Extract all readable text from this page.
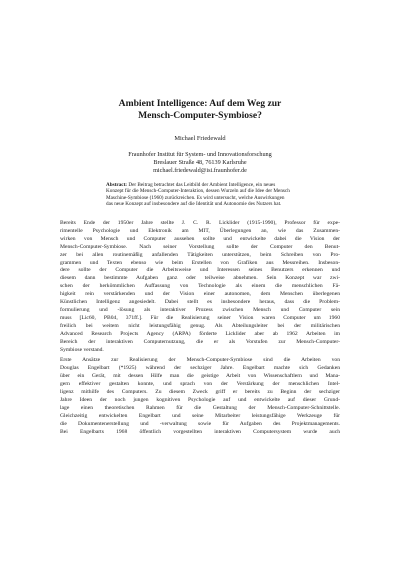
Ambient Intelligence: Auf dem Weg zur
Mensch-Computer-Symbiose?
Michael Friedewald
Fraunhofer Institut für System- und Innovationsforschung
Breslauer Straße 48, 76139 Karlsruhe
michael.friedewald@isi.fraunhofer.de
Abstract: Der Beitrag betrachtet das Leitbild der Ambient Intelligence, ein neues
Konzept für die Mensch-Computer-Interaktion, dessen Wurzeln auf die Idee der Mensch
Maschine-Symbiose (1960) zurückreichen. Es wird untersucht, welche Auswirkungen
das neue Konzept auf insbesondere auf die Identität und Autonomie des Nutzers hat.
Bereits Ende der 1950er Jahre stellte J. C. R. Licklider (1915-1990), Professor für expe-
rimentelle Psychologie und Elektronik am MIT, Überlegungen an, wie das Zusammen-
wirken von Mensch und Computer aussehen sollte und entwickelte dabei die Vision der
Mensch-Computer-Symbiose. Nach seiner Vorstellung sollte der Computer den Benut-
zer bei allen routinemäßig anfallenden Tätigkeiten unterstützen, beim Schreiben von Pro-
grammen und Texten ebenso wie beim Erstellen von Grafiken aus Messreihen. Insbeson-
dere sollte der Computer die Arbeitsweise und Interessen seines Benutzers erkennen und
diesem dann bestimmte Aufgaben ganz oder teilweise abnehmen. Sein Konzept war zwi-
schen der herkömmlichen Auffassung von Technologie als einem die menschlichen Fä-
higkeit rein verstärkenden und der Vision einer autonomen, dem Menschen überlegenen
Künstlichen Intelligenz angesiedelt. Dabei stellt es insbesondere heraus, dass die Problem-
formulierung und -lösung als interaktiver Prozess zwischen Mensch und Computer sein
muss [Lic60, PB04, 371ff.]. Für die Realisierung seiner Vision waren Computer um 1960
freilich bei weitem nicht leistungsfähig genug. Als Abteilungsleiter bei der militärischen
Advanced Research Projects Agency (ARPA) förderte Licklider aber ab 1962 Arbeiten im
Bereich der interaktiven Computernutzung, die er als Vorstufen zur Mensch-Computer-
Symbiose verstand.
Erste Ansätze zur Realisierung der Mensch-Computer-Symbiose sind die Arbeiten von
Douglas Engelbart (*1925) während der sechziger Jahre. Engelbart machte sich Gedanken
über ein Gerät, mit dessen Hilfe man die geistige Arbeit von Wissenschaftlern und Mana-
gern effektiver gestalten konnte, und sprach von der Verstärkung der menschlichen Intel-
ligenz mithilfe des Computers. Zu diesem Zweck griff er bereits zu Beginn der sechziger
Jahre Ideen der noch jungen kognitiven Psychologie auf und entwickelte auf dieser Grund-
lage einen theoretischen Rahmen für die Gestaltung der Mensch-Computer-Schnittstelle.
Gleichzeitig entwickelten Engelbart und seine Mitarbeiter leistungsfähige Werkzeuge für
die Dokumentenerstellung und -verwaltung sowie für Aufgaben des Projektmanagements.
Bei Engelbarts 1968 öffentlich vorgestellten interaktiven Computersystem wurde auch
